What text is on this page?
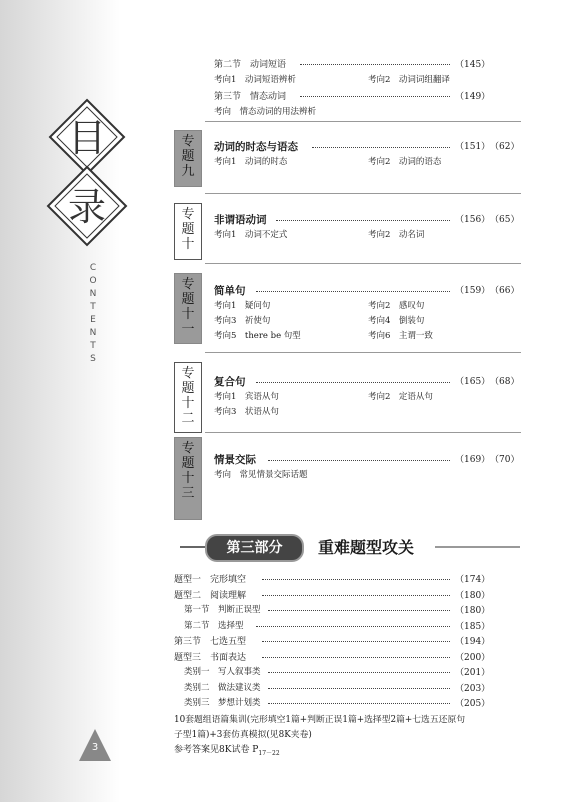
目
录
C
O
N
T
E
N
T
S
第二节　动词短语	（145）
考向1　动词短语辨析	考向2　动词词组翻译
第三节　情态动词	（149）
考向　情态动词的用法辨析
专
题
九
动词的时态与语态	（151） （62）
考向1　动词的时态	考向2　动词的语态
专
题
十
非谓语动词	（156） （65）
考向1　动词不定式	考向2　动名词
专
题
十
一
简单句	（159） （66）
考向1　疑问句	考向2　感叹句
考向3　祈使句	考向4　倒装句
考向5　there be 句型	考向6　主谓一致
专
题
十
二
复合句	（165） （68）
考向1　宾语从句	考向2　定语从句
考向3　状语从句
专
题
十
三
情景交际	（169） （70）
考向　常见情景交际话题
第三部分	重难题型攻关
题型一　完形填空	（174）
题型二　阅读理解	（180）
第一节　判断正误型	（180）
第二节　选择型	（185）
第三节　七选五型	（194）
题型三　书面表达	（200）
类别一　写人叙事类	（201）
类别二　做法建议类	（203）
类别三　梦想计划类	（205）
10套题组语篇集训(完形填空1篇+判断正误1篇+选择型2篇+七选五还原句
子型1篇)+3套仿真模拟(见8K夹卷)
参考答案见8K试卷 $P_{17-22}$
3
